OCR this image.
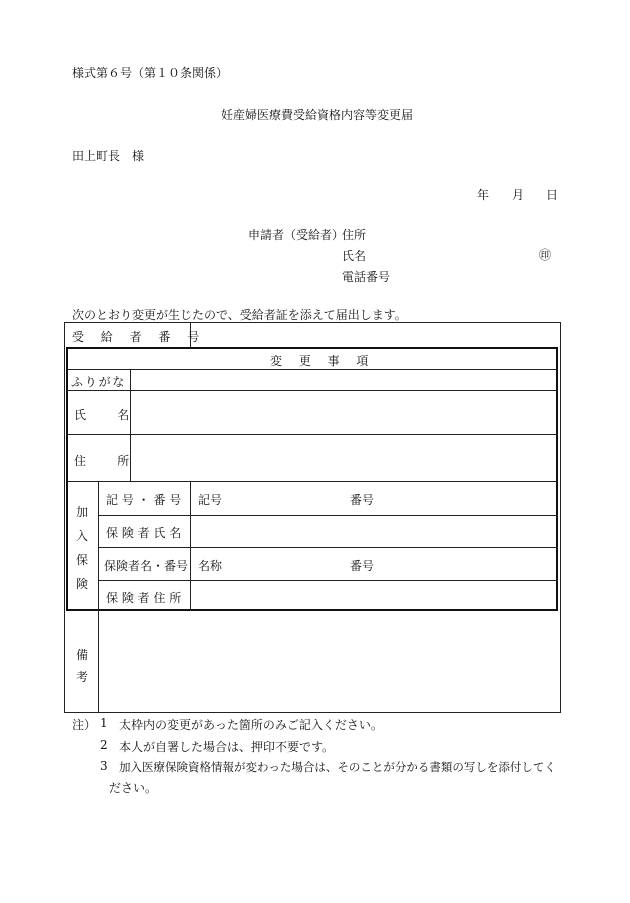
様式第６号（第１０条関係）
妊産婦医療費受給資格内容等変更届
田上町長　様
年 月 日
申請者（受給者）
住所
氏名	㊞
電話番号
次のとおり変更が生じたので、受給者証を添えて届出します。
受　給　者　番　号
変　更　事　項
ふりがな
氏　　名
住　　所
加
入
保
険
記 号 ・ 番 号 記号	番号
保 険 者 氏 名
保険者名・番号 名称	番号
保 険 者 住 所
備
考
注） 1 太枠内の変更があった箇所のみご記入ください。
2 本人が自署した場合は、押印不要です。
3 加入医療保険資格情報が変わった場合は、そのことが分かる書類の写しを添付してく
ださい。
